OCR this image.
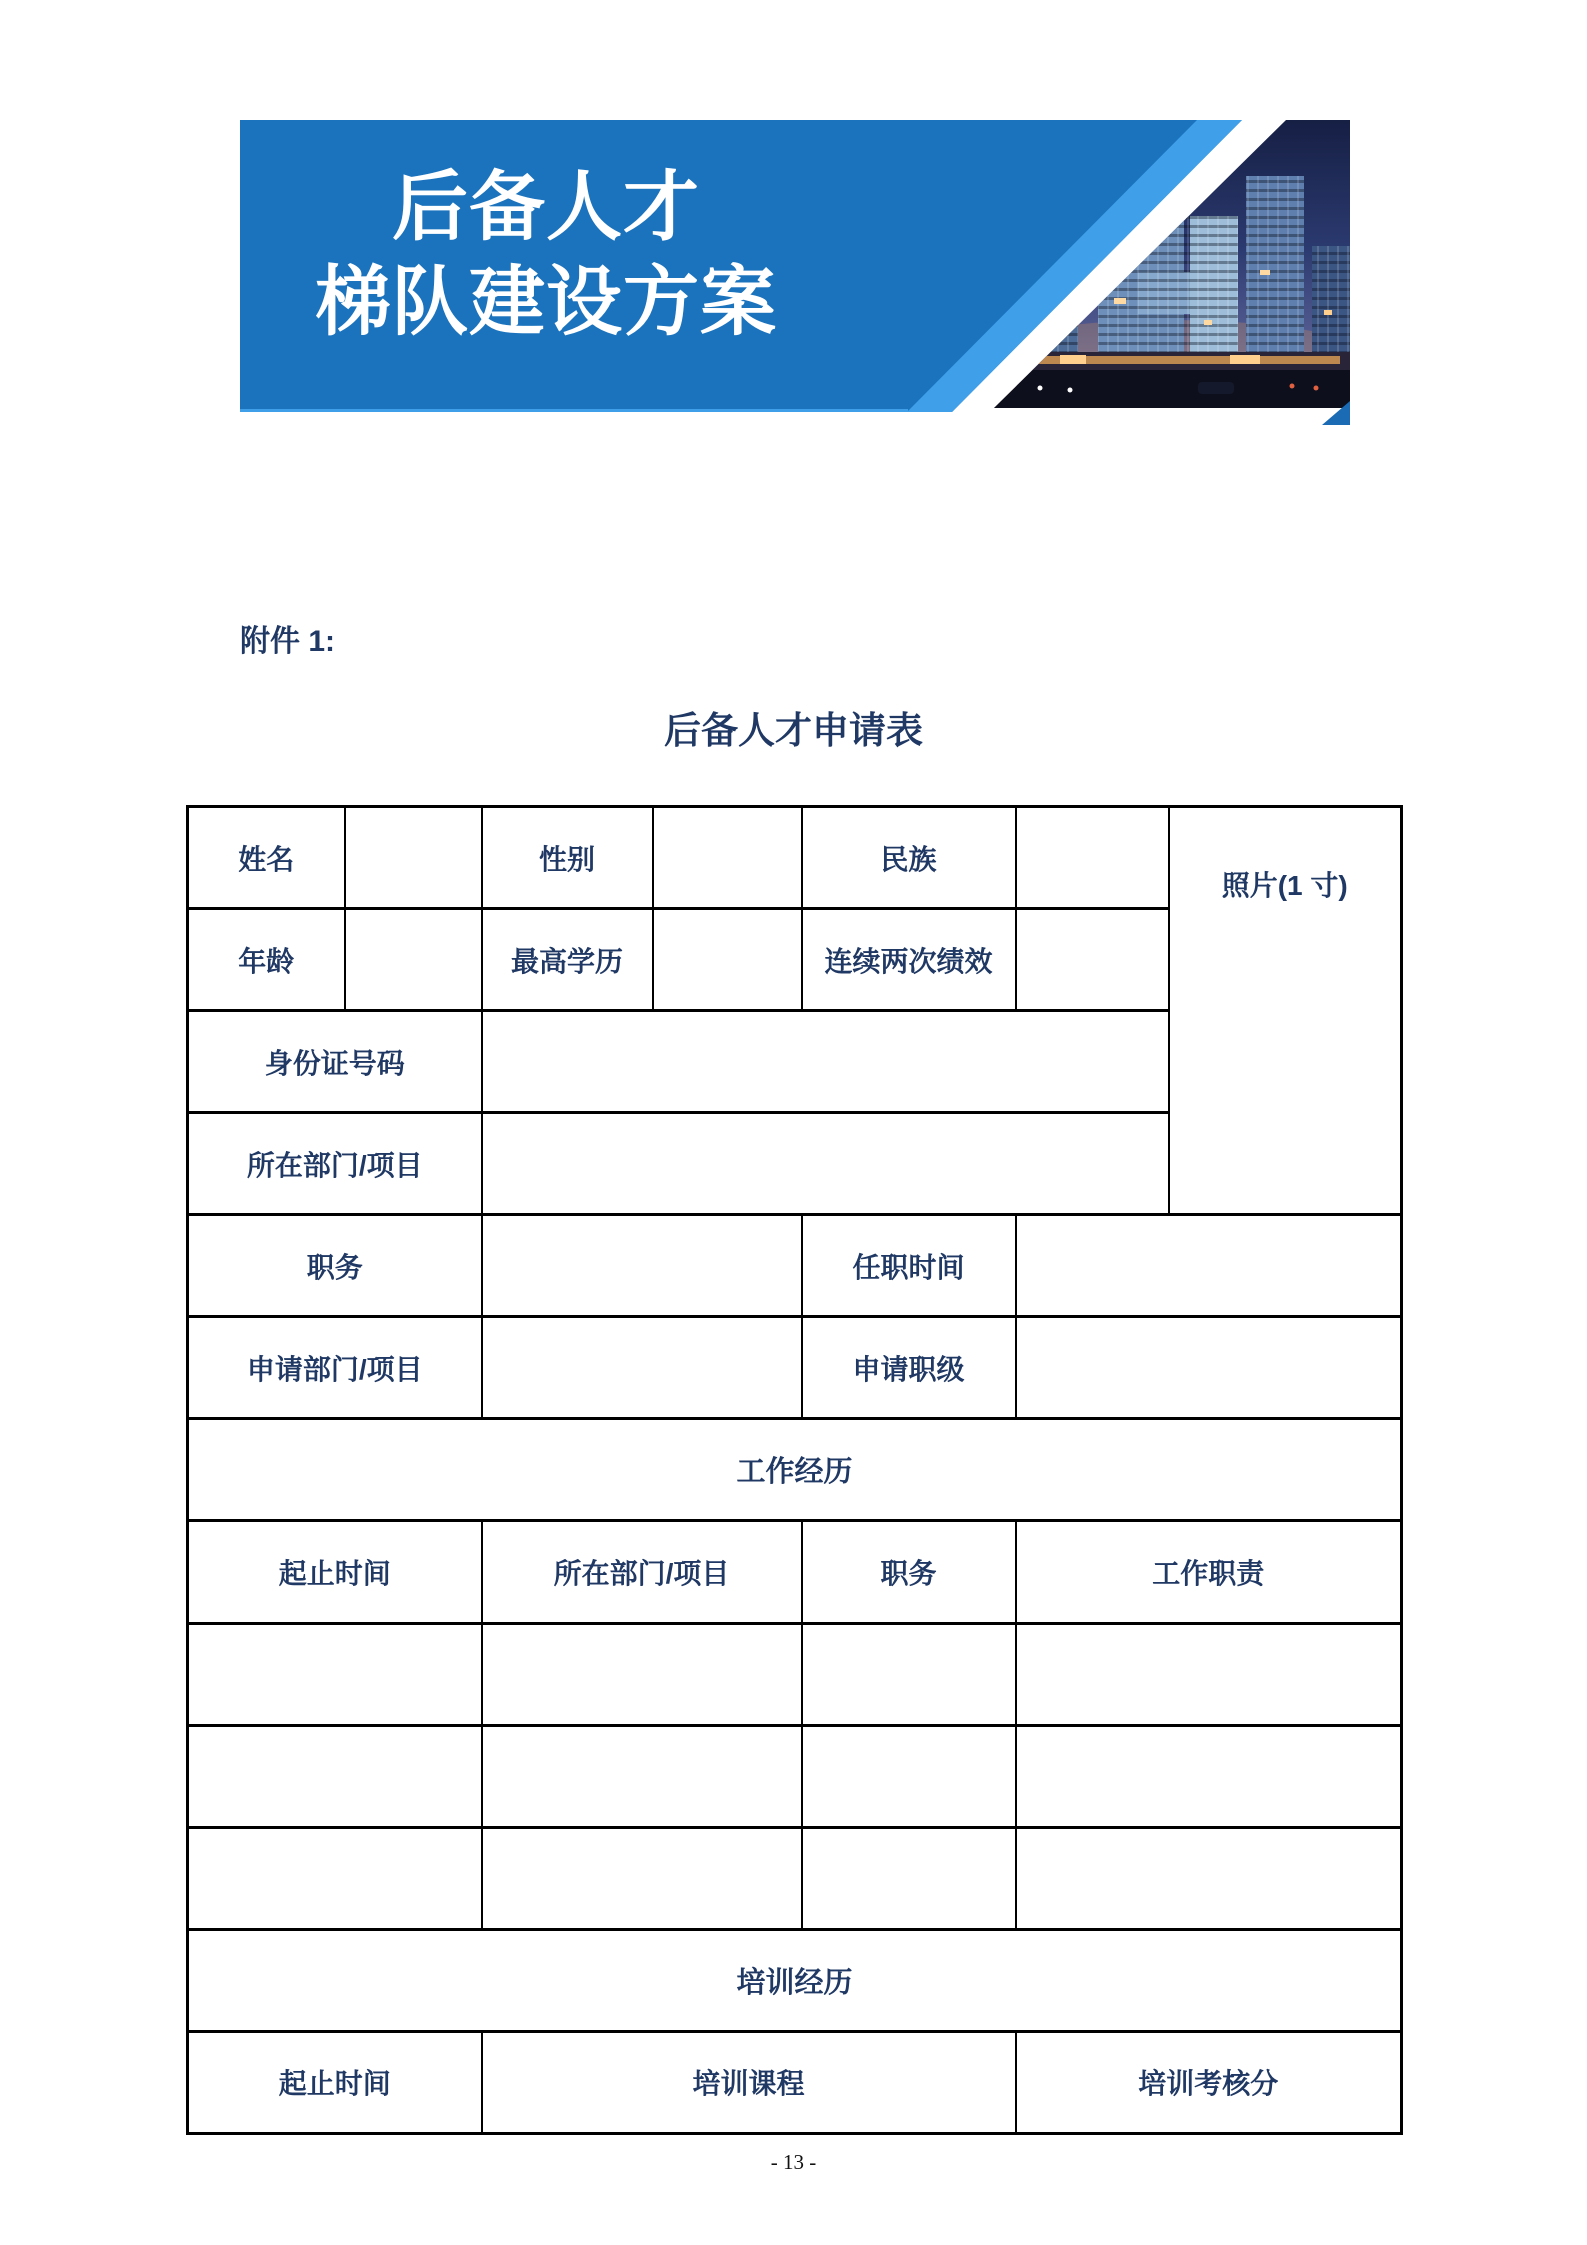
后备人才
梯队建设方案
附件 1:
后备人才申请表
姓名		性别		民族		照片(1 寸)
年龄		最高学历		连续两次绩效		
身份证号码						
所在部门/项目						
职务				任职时间		
申请部门/项目				申请职级		
工作经历						
起止时间		所在部门/项目		职务	工作职责	

培训经历						
起止时间		培训课程			培训考核分	
- 13 -
